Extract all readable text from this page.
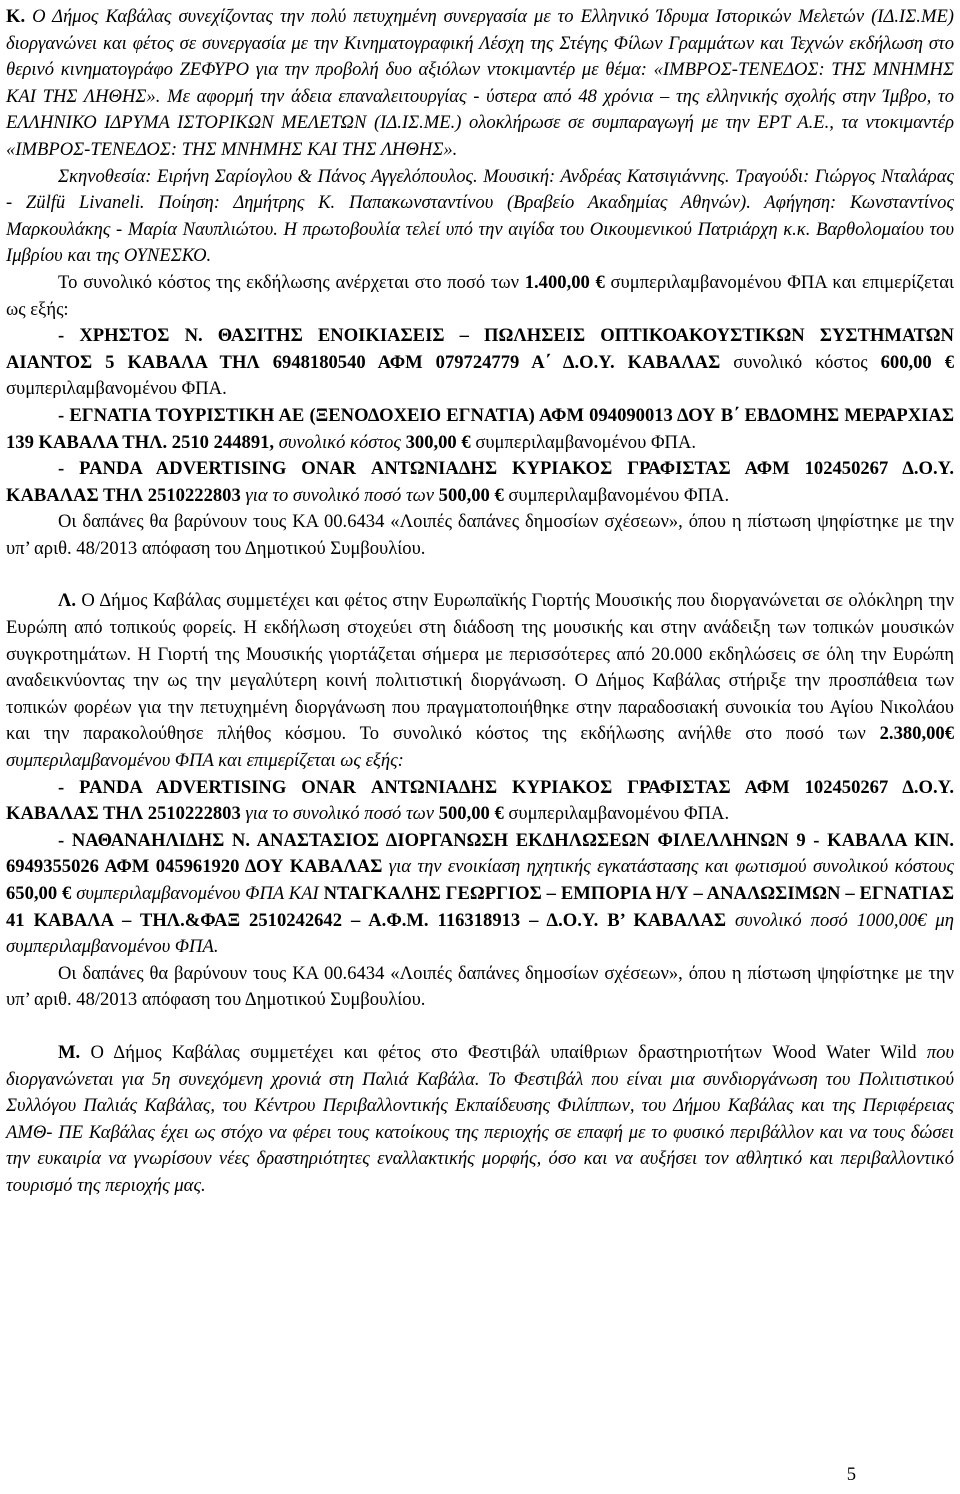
K. Ο Δήμος Καβάλας συνεχίζοντας την πολύ πετυχημένη συνεργασία με το Ελληνικό Ίδρυμα Ιστορικών Μελετών (ΙΔ.ΙΣ.ΜΕ) διοργανώνει και φέτος σε συνεργασία με την Κινηματογραφική Λέσχη της Στέγης Φίλων Γραμμάτων και Τεχνών εκδήλωση στο θερινό κινηματογράφο ΖΕΦΥΡΟ για την προβολή δυο αξιόλων ντοκιμαντέρ με θέμα: «ΙΜΒΡΟΣ-ΤΕΝΕΔΟΣ: ΤΗΣ ΜΝΗΜΗΣ ΚΑΙ ΤΗΣ ΛΗΘΗΣ». Με αφορμή την άδεια επαναλειτουργίας - ύστερα από 48 χρόνια – της ελληνικής σχολής στην Ίμβρο, το ΕΛΛΗΝΙΚΟ ΙΔΡΥΜΑ ΙΣΤΟΡΙΚΩΝ ΜΕΛΕΤΩΝ (ΙΔ.ΙΣ.ΜΕ.) ολοκλήρωσε σε συμπαραγωγή με την ΕΡΤ Α.Ε., τα ντοκιμαντέρ «ΙΜΒΡΟΣ-ΤΕΝΕΔΟΣ: ΤΗΣ ΜΝΗΜΗΣ ΚΑΙ ΤΗΣ ΛΗΘΗΣ».

Σκηνοθεσία: Ειρήνη Σαρίογλου & Πάνος Αγγελόπουλος. Μουσική: Ανδρέας Κατσιγιάννης. Τραγούδι: Γιώργος Νταλάρας - Zülfü Livaneli. Ποίηση: Δημήτρης Κ. Παπακωνσταντίνου (Βραβείο Ακαδημίας Αθηνών). Αφήγηση: Κωνσταντίνος Μαρκουλάκης - Μαρία Ναυπλιώτου. Η πρωτοβουλία τελεί υπό την αιγίδα του Οικουμενικού Πατριάρχη κ.κ. Βαρθολομαίου του Ιμβρίου και της ΟΥΝΕΣΚΟ.

Το συνολικό κόστος της εκδήλωσης ανέρχεται στο ποσό των 1.400,00 € συμπεριλαμβανομένου ΦΠΑ και επιμερίζεται ως εξής:

- ΧΡΗΣΤΟΣ Ν. ΘΑΣΙΤΗΣ ΕΝΟΙΚΙΑΣΕΙΣ – ΠΩΛΗΣΕΙΣ ΟΠΤΙΚΟΑΚΟΥΣΤΙΚΩΝ ΣΥΣΤΗΜΑΤΩΝ ΑΙΑΝΤΟΣ 5 ΚΑΒΑΛΑ ΤΗΛ 6948180540 ΑΦΜ 079724779 Α΄ Δ.Ο.Υ. ΚΑΒΑΛΑΣ συνολικό κόστος 600,00 € συμπεριλαμβανομένου ΦΠΑ.

- ΕΓΝΑΤΙΑ ΤΟΥΡΙΣΤΙΚΗ ΑΕ (ΞΕΝΟΔΟΧΕΙΟ ΕΓΝΑΤΙΑ) ΑΦΜ 094090013 ΔΟΥ Β΄ ΕΒΔΟΜΗΣ ΜΕΡΑΡΧΙΑΣ 139 ΚΑΒΑΛΑ ΤΗΛ. 2510 244891, συνολικό κόστος 300,00 € συμπεριλαμβανομένου ΦΠΑ.

- PANDA ADVERTISING ONAR ΑΝΤΩΝΙΑΔΗΣ ΚΥΡΙΑΚΟΣ ΓΡΑΦΙΣΤΑΣ ΑΦΜ 102450267 Δ.Ο.Υ. ΚΑΒΑΛΑΣ ΤΗΛ 2510222803 για το συνολικό ποσό των 500,00 € συμπεριλαμβανομένου ΦΠΑ.

Οι δαπάνες θα βαρύνουν τους ΚΑ 00.6434 «Λοιπές δαπάνες δημοσίων σχέσεων», όπου η πίστωση ψηφίστηκε με την υπ’ αριθ. 48/2013 απόφαση του Δημοτικού Συμβουλίου.

Λ. Ο Δήμος Καβάλας συμμετέχει και φέτος στην Ευρωπαϊκής Γιορτής Μουσικής που διοργανώνεται σε ολόκληρη την Ευρώπη από τοπικούς φορείς. Η εκδήλωση στοχεύει στη διάδοση της μουσικής και στην ανάδειξη των τοπικών μουσικών συγκροτημάτων. Η Γιορτή της Μουσικής γιορτάζεται σήμερα με περισσότερες από 20.000 εκδηλώσεις σε όλη την Ευρώπη αναδεικνύοντας την ως την μεγαλύτερη κοινή πολιτιστική διοργάνωση. Ο Δήμος Καβάλας στήριξε την προσπάθεια των τοπικών φορέων για την πετυχημένη διοργάνωση που πραγματοποιήθηκε στην παραδοσιακή συνοικία του Αγίου Νικολάου και την παρακολούθησε πλήθος κόσμου. Το συνολικό κόστος της εκδήλωσης ανήλθε στο ποσό των 2.380,00€ συμπεριλαμβανομένου ΦΠΑ και επιμερίζεται ως εξής:

- PANDA ADVERTISING ONAR ΑΝΤΩΝΙΑΔΗΣ ΚΥΡΙΑΚΟΣ ΓΡΑΦΙΣΤΑΣ ΑΦΜ 102450267 Δ.Ο.Υ. ΚΑΒΑΛΑΣ ΤΗΛ 2510222803 για το συνολικό ποσό των 500,00 € συμπεριλαμβανομένου ΦΠΑ.

- ΝΑΘΑΝΑΗΛΙΔΗΣ Ν. ΑΝΑΣΤΑΣΙΟΣ ΔΙΟΡΓΑΝΩΣΗ ΕΚΔΗΛΩΣΕΩΝ ΦΙΛΕΛΛΗΝΩΝ 9 - ΚΑΒΑΛΑ ΚΙΝ. 6949355026 ΑΦΜ 045961920 ΔΟΥ ΚΑΒΑΛΑΣ για την ενοικίαση ηχητικής εγκατάστασης και φωτισμού συνολικού κόστους 650,00 € συμπεριλαμβανομένου ΦΠΑ ΚΑΙ ΝΤΑΓΚΑΛΗΣ ΓΕΩΡΓΙΟΣ – ΕΜΠΟΡΙΑ Η/Υ – ΑΝΑΛΩΣΙΜΩΝ – ΕΓΝΑΤΙΑΣ 41 ΚΑΒΑΛΑ – ΤΗΛ.&ΦΑΞ 2510242642 – Α.Φ.Μ. 116318913 – Δ.Ο.Υ. Β’ ΚΑΒΑΛΑΣ συνολικό ποσό 1000,00€ μη συμπεριλαμβανομένου ΦΠΑ.

Οι δαπάνες θα βαρύνουν τους ΚΑ 00.6434 «Λοιπές δαπάνες δημοσίων σχέσεων», όπου η πίστωση ψηφίστηκε με την υπ’ αριθ. 48/2013 απόφαση του Δημοτικού Συμβουλίου.

Μ. Ο Δήμος Καβάλας συμμετέχει και φέτος στο Φεστιβάλ υπαίθριων δραστηριοτήτων Wood Water Wild που διοργανώνεται για 5η συνεχόμενη χρονιά στη Παλιά Καβάλα. Το Φεστιβάλ που είναι μια συνδιοργάνωση του Πολιτιστικού Συλλόγου Παλιάς Καβάλας, του Κέντρου Περιβαλλοντικής Εκπαίδευσης Φιλίππων, του Δήμου Καβάλας και της Περιφέρειας ΑΜΘ- ΠΕ Καβάλας έχει ως στόχο να φέρει τους κατοίκους της περιοχής σε επαφή με το φυσικό περιβάλλον και να τους δώσει την ευκαιρία να γνωρίσουν νέες δραστηριότητες εναλλακτικής μορφής, όσο και να αυξήσει τον αθλητικό και περιβαλλοντικό τουρισμό της περιοχής μας.

5
